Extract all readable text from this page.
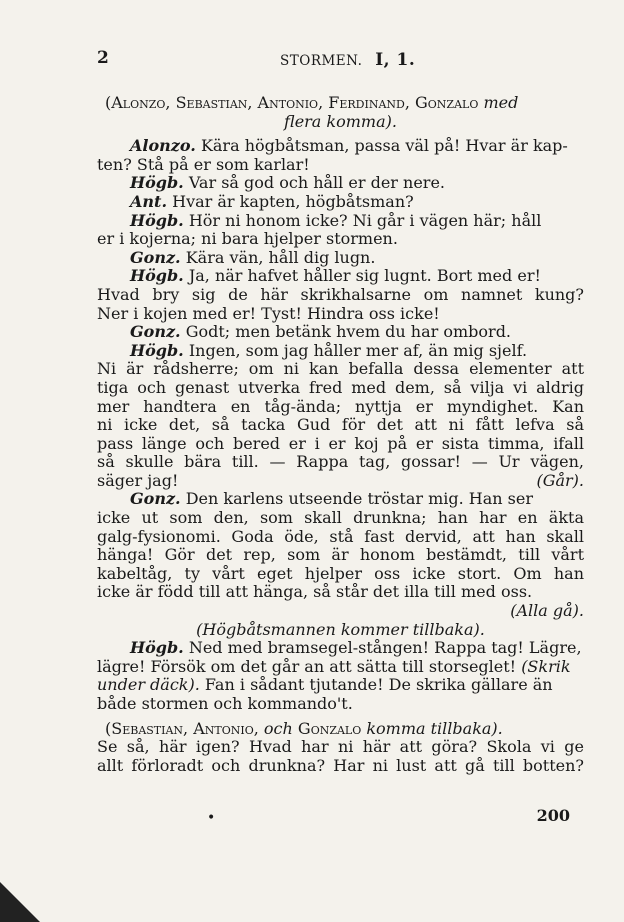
2	STORMEN. I, 1.
(Alonzo, Sebastian, Antonio, Ferdinand, Gonzalo med
flera komma).
Alonzo. Kära högbåtsman, passa väl på! Hvar är kap-
ten? Stå på er som karlar!
Högb. Var så god och håll er der nere.
Ant. Hvar är kapten, högbåtsman?
Högb. Hör ni honom icke? Ni går i vägen här; håll
er i kojerna; ni bara hjelper stormen.
Gonz. Kära vän, håll dig lugn.
Högb. Ja, när hafvet håller sig lugnt. Bort med er!
Hvad bry sig de här skrikhalsarne om namnet kung?
Ner i kojen med er! Tyst! Hindra oss icke!
Gonz. Godt; men betänk hvem du har ombord.
Högb. Ingen, som jag håller mer af, än mig sjelf.
Ni är rådsherre; om ni kan befalla dessa elementer att
tiga och genast utverka fred med dem, så vilja vi aldrig
mer handtera en tåg-ända; nyttja er myndighet. Kan
ni icke det, så tacka Gud för det att ni fått lefva så
pass länge och bered er i er koj på er sista timma, ifall
så skulle bära till. — Rappa tag, gossar! — Ur vägen,
säger jag!	(Går).
Gonz. Den karlens utseende tröstar mig. Han ser
icke ut som den, som skall drunkna; han har en äkta
galg-fysionomi. Goda öde, stå fast dervid, att han skall
hänga! Gör det rep, som är honom bestämdt, till vårt
kabeltåg, ty vårt eget hjelper oss icke stort. Om han
icke är född till att hänga, så står det illa till med oss.
(Alla gå).
(Högbåtsmannen kommer tillbaka).
Högb. Ned med bramsegel-stången! Rappa tag! Lägre,
lägre! Försök om det går an att sätta till storseglet! (Skrik
under däck). Fan i sådant tjutande! De skrika gällare än
både stormen och kommando't.
(Sebastian, Antonio, och Gonzalo komma tillbaka).
Se så, här igen? Hvad har ni här att göra? Skola vi ge
allt förloradt och drunkna? Har ni lust att gå till botten?
•	200
